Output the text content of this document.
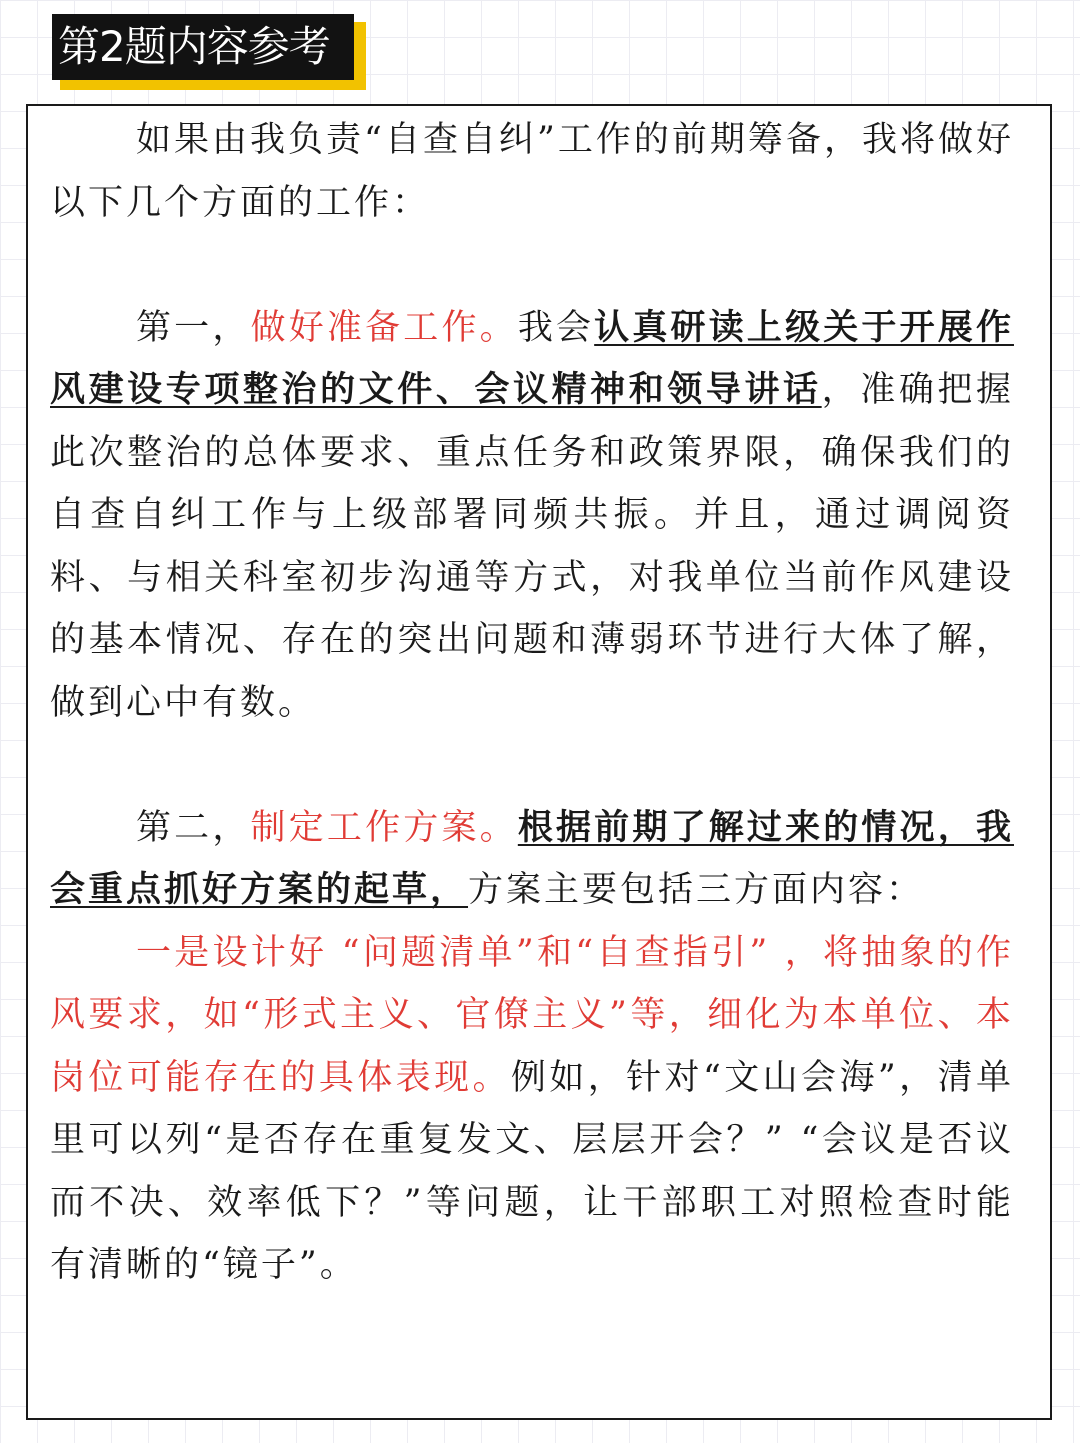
第2题内容参考

如果由我负责“自查自纠”工作的前期筹备，我将做好以下几个方面的工作：

第一，做好准备工作。我会认真研读上级关于开展作风建设专项整治的文件、会议精神和领导讲话，准确把握此次整治的总体要求、重点任务和政策界限，确保我们的自查自纠工作与上级部署同频共振。并且，通过调阅资料、与相关科室初步沟通等方式，对我单位当前作风建设的基本情况、存在的突出问题和薄弱环节进行大体了解，做到心中有数。

第二，制定工作方案。根据前期了解过来的情况，我会重点抓好方案的起草，方案主要包括三方面内容：

一是设计好 “问题清单”和“自查指引” ，将抽象的作风要求，如“形式主义、官僚主义”等，细化为本单位、本岗位可能存在的具体表现。例如，针对“文山会海”，清单里可以列“是否存在重复发文、层层开会？” “会议是否议而不决、效率低下？”等问题，让干部职工对照检查时能有清晰的“镜子”。
